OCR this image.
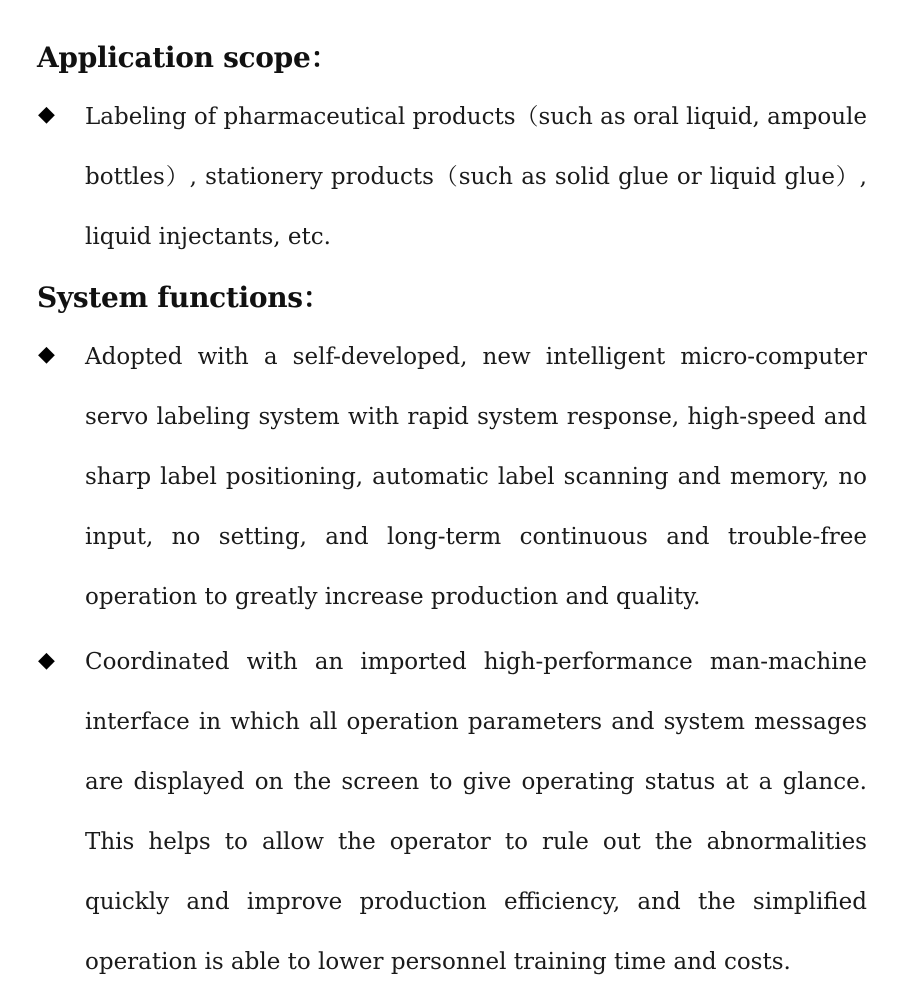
Application scope：
◆ Labeling of pharmaceutical products（such as oral liquid, ampoule bottles）, stationery products（such as solid glue or liquid glue）, liquid injectants, etc.

System functions：
◆ Adopted with a self-developed, new intelligent micro-computer servo labeling system with rapid system response, high-speed and sharp label positioning, automatic label scanning and memory, no input, no setting, and long-term continuous and trouble-free operation to greatly increase production and quality.

◆ Coordinated with an imported high-performance man-machine interface in which all operation parameters and system messages are displayed on the screen to give operating status at a glance. This helps to allow the operator to rule out the abnormalities quickly and improve production efficiency, and the simplified operation is able to lower personnel training time and costs.
